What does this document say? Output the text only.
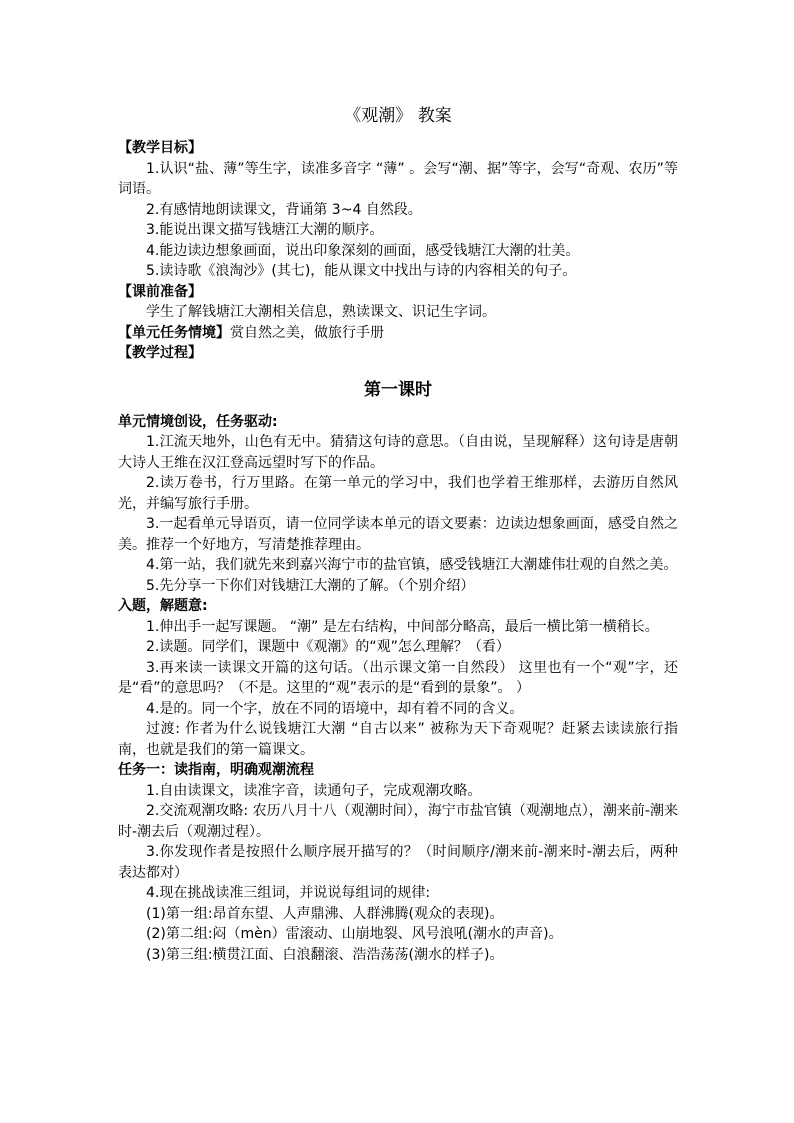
《观潮》 教案
【教学目标】
1.认识“盐、薄”等生字，读准多音字 “薄” 。会写“潮、据”等字，会写“奇观、农历”等词语。
2.有感情地朗读课文，背诵第 3~4 自然段。
3.能说出课文描写钱塘江大潮的顺序。
4.能边读边想象画面，说出印象深刻的画面，感受钱塘江大潮的壮美。
5.读诗歌《浪淘沙》(其七)，能从课文中找出与诗的内容相关的句子。
【课前准备】
学生了解钱塘江大潮相关信息，熟读课文、识记生字词。
【单元任务情境】赏自然之美，做旅行手册
【教学过程】
第一课时
单元情境创设，任务驱动:
1.江流天地外，山色有无中。猜猜这句诗的意思。（自由说，呈现解释）这句诗是唐朝大诗人王维在汉江登高远望时写下的作品。
2.读万卷书，行万里路。在第一单元的学习中，我们也学着王维那样，去游历自然风光，并编写旅行手册。
3.一起看单元导语页，请一位同学读本单元的语文要素：边读边想象画面，感受自然之美。推荐一个好地方，写清楚推荐理由。
4.第一站，我们就先来到嘉兴海宁市的盐官镇，感受钱塘江大潮雄伟壮观的自然之美。
5.先分享一下你们对钱塘江大潮的了解。（个别介绍）
入题，解题意:
1.伸出手一起写课题。 “潮” 是左右结构，中间部分略高，最后一横比第一横稍长。
2.读题。同学们，课题中《观潮》的“观”怎么理解？（看）
3.再来读一读课文开篇的这句话。（出示课文第一自然段） 这里也有一个“观”字，还是“看”的意思吗？（不是。这里的“观”表示的是“看到的景象”。 ）
4.是的。同一个字，放在不同的语境中，却有着不同的含义。
过渡: 作者为什么说钱塘江大潮 “自古以来” 被称为天下奇观呢？赶紧去读读旅行指南，也就是我们的第一篇课文。
任务一：读指南，明确观潮流程
1.自由读课文，读准字音，读通句子，完成观潮攻略。
2.交流观潮攻略: 农历八月十八（观潮时间），海宁市盐官镇（观潮地点），潮来前-潮来时-潮去后（观潮过程）。
3.你发现作者是按照什么顺序展开描写的？（时间顺序/潮来前-潮来时-潮去后，两种表达都对）
4.现在挑战读准三组词，并说说每组词的规律:
(1)第一组:昂首东望、人声鼎沸、人群沸腾(观众的表现)。
(2)第二组:闷（mèn）雷滚动、山崩地裂、风号浪吼(潮水的声音)。
(3)第三组:横贯江面、白浪翻滚、浩浩荡荡(潮水的样子)。
